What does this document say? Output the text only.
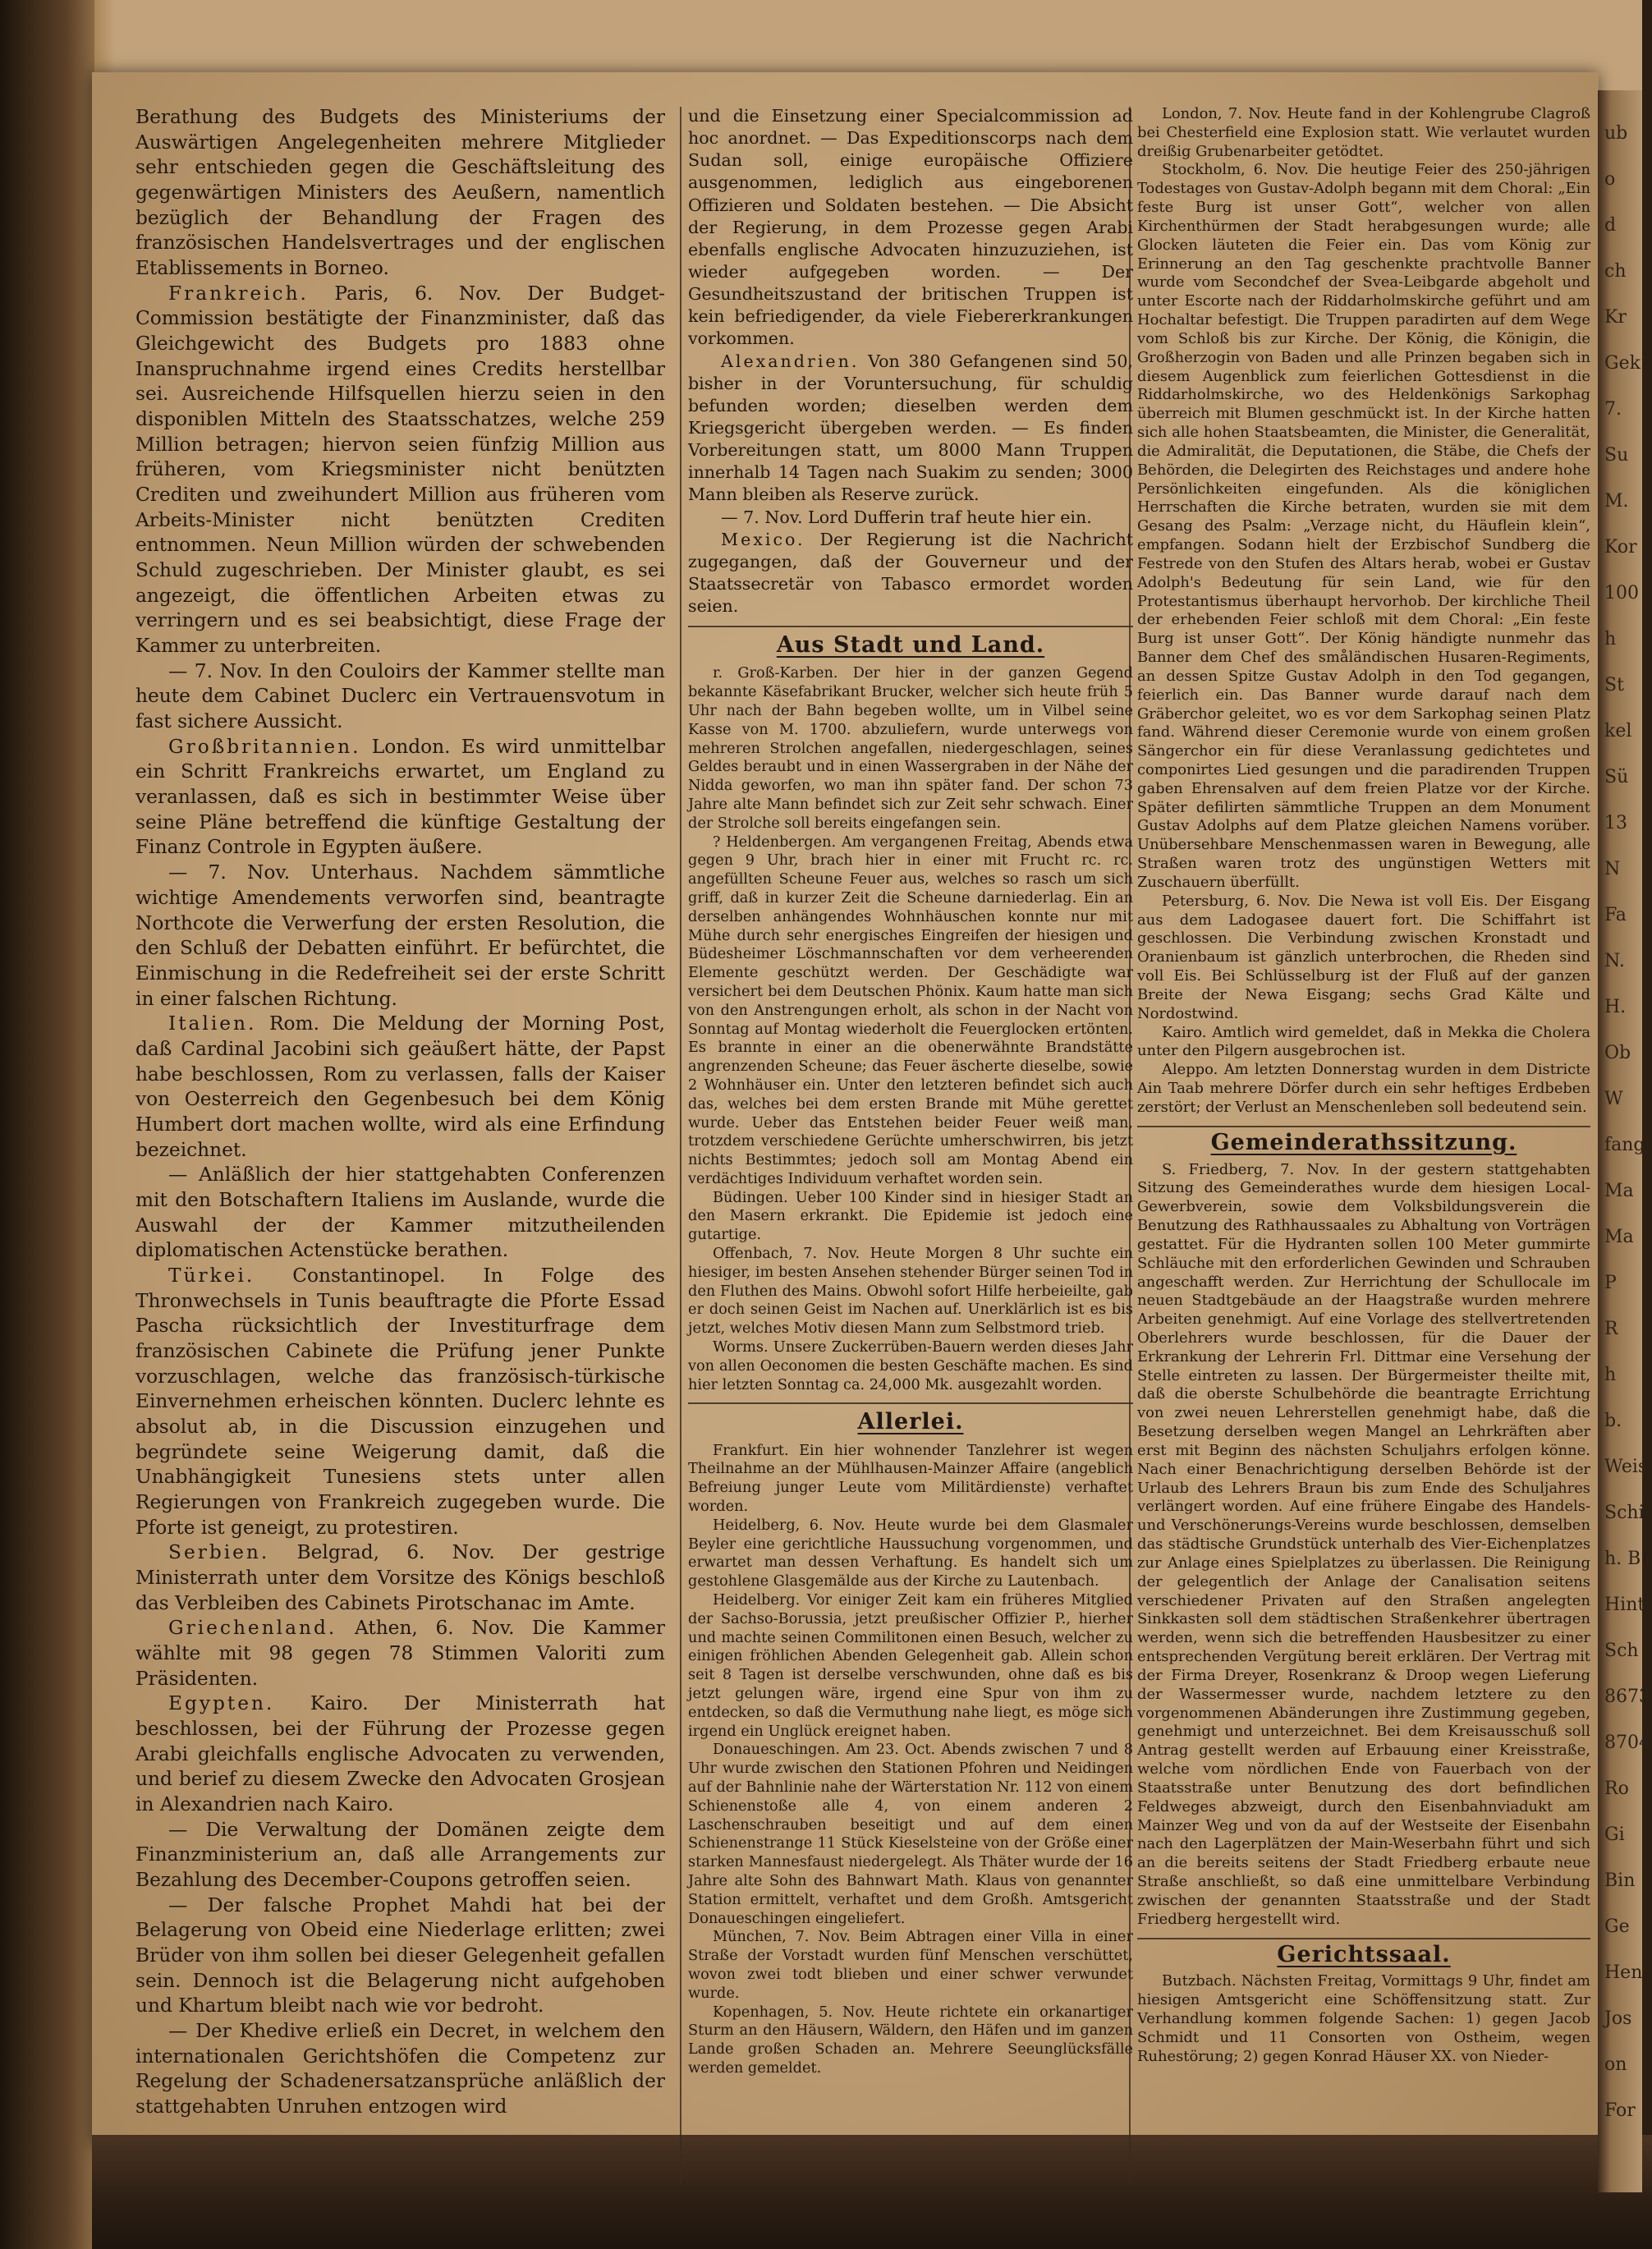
ub
o
d
ch
Kr
Gek
7.
Su
M.
Kor
100
h
St
kel
Sü
13
N
Fa
N.
H.
Ob
W
fang
Ma
Ma
P
R
h
b.
Weis
Schi
h. B
Hint
Sch
8673
8704
Ro
Gi
Bin
Ge
Hen
Jos
on
For

Berathung des Budgets des Ministeriums der Auswärtigen Angelegenheiten mehrere Mitglieder sehr entschieden gegen die Geschäftsleitung des gegenwärtigen Ministers des Aeußern, namentlich bezüglich der Behandlung der Fragen des französischen Handelsvertrages und der englischen Etablissements in Borneo.

Frankreich. Paris, 6. Nov. Der Budget-Commission bestätigte der Finanzminister, daß das Gleichgewicht des Budgets pro 1883 ohne Inanspruchnahme irgend eines Credits herstellbar sei. Ausreichende Hilfsquellen hierzu seien in den disponiblen Mitteln des Staatsschatzes, welche 259 Million betragen; hiervon seien fünfzig Million aus früheren, vom Kriegsminister nicht benützten Crediten und zweihundert Million aus früheren vom Arbeits-Minister nicht benützten Crediten entnommen. Neun Million würden der schwebenden Schuld zugeschrieben. Der Minister glaubt, es sei angezeigt, die öffentlichen Arbeiten etwas zu verringern und es sei beabsichtigt, diese Frage der Kammer zu unterbreiten.

— 7. Nov. In den Couloirs der Kammer stellte man heute dem Cabinet Duclerc ein Vertrauensvotum in fast sichere Aussicht.

Großbritannien. London. Es wird unmittelbar ein Schritt Frankreichs erwartet, um England zu veranlassen, daß es sich in bestimmter Weise über seine Pläne betreffend die künftige Gestaltung der Finanz Controle in Egypten äußere.

— 7. Nov. Unterhaus. Nachdem sämmtliche wichtige Amendements verworfen sind, beantragte Northcote die Verwerfung der ersten Resolution, die den Schluß der Debatten einführt. Er befürchtet, die Einmischung in die Redefreiheit sei der erste Schritt in einer falschen Richtung.

Italien. Rom. Die Meldung der Morning Post, daß Cardinal Jacobini sich geäußert hätte, der Papst habe beschlossen, Rom zu verlassen, falls der Kaiser von Oesterreich den Gegenbesuch bei dem König Humbert dort machen wollte, wird als eine Erfindung bezeichnet.

— Anläßlich der hier stattgehabten Conferenzen mit den Botschaftern Italiens im Auslande, wurde die Auswahl der der Kammer mitzutheilenden diplomatischen Actenstücke berathen.

Türkei. Constantinopel. In Folge des Thronwechsels in Tunis beauftragte die Pforte Essad Pascha rücksichtlich der Investiturfrage dem französischen Cabinete die Prüfung jener Punkte vorzuschlagen, welche das französisch-türkische Einvernehmen erheischen könnten. Duclerc lehnte es absolut ab, in die Discussion einzugehen und begründete seine Weigerung damit, daß die Unabhängigkeit Tunesiens stets unter allen Regierungen von Frankreich zugegeben wurde. Die Pforte ist geneigt, zu protestiren.

Serbien. Belgrad, 6. Nov. Der gestrige Ministerrath unter dem Vorsitze des Königs beschloß das Verbleiben des Cabinets Pirotschanac im Amte.

Griechenland. Athen, 6. Nov. Die Kammer wählte mit 98 gegen 78 Stimmen Valoriti zum Präsidenten.

Egypten. Kairo. Der Ministerrath hat beschlossen, bei der Führung der Prozesse gegen Arabi gleichfalls englische Advocaten zu verwenden, und berief zu diesem Zwecke den Advocaten Grosjean in Alexandrien nach Kairo.

— Die Verwaltung der Domänen zeigte dem Finanzministerium an, daß alle Arrangements zur Bezahlung des December-Coupons getroffen seien.

— Der falsche Prophet Mahdi hat bei der Belagerung von Obeid eine Niederlage erlitten; zwei Brüder von ihm sollen bei dieser Gelegenheit gefallen sein. Dennoch ist die Belagerung nicht aufgehoben und Khartum bleibt nach wie vor bedroht.

— Der Khedive erließ ein Decret, in welchem den internationalen Gerichtshöfen die Competenz zur Regelung der Schadenersatzansprüche anläßlich der stattgehabten Unruhen entzogen wird

und die Einsetzung einer Specialcommission ad hoc anordnet. — Das Expeditionscorps nach dem Sudan soll, einige europäische Offiziere ausgenommen, lediglich aus eingeborenen Offizieren und Soldaten bestehen. — Die Absicht der Regierung, in dem Prozesse gegen Arabi ebenfalls englische Advocaten hinzuzuziehen, ist wieder aufgegeben worden. — Der Gesundheitszustand der britischen Truppen ist kein befriedigender, da viele Fiebererkrankungen vorkommen.

Alexandrien. Von 380 Gefangenen sind 50, bisher in der Voruntersuchung, für schuldig befunden worden; dieselben werden dem Kriegsgericht übergeben werden. — Es finden Vorbereitungen statt, um 8000 Mann Truppen innerhalb 14 Tagen nach Suakim zu senden; 3000 Mann bleiben als Reserve zurück.

— 7. Nov. Lord Dufferin traf heute hier ein.

Mexico. Der Regierung ist die Nachricht zugegangen, daß der Gouverneur und der Staatssecretär von Tabasco ermordet worden seien.

Aus Stadt und Land.

r. Groß-Karben. Der hier in der ganzen Gegend bekannte Käsefabrikant Brucker, welcher sich heute früh 5 Uhr nach der Bahn begeben wollte, um in Vilbel seine Kasse von M. 1700. abzuliefern, wurde unterwegs von mehreren Strolchen angefallen, niedergeschlagen, seines Geldes beraubt und in einen Wassergraben in der Nähe der Nidda geworfen, wo man ihn später fand. Der schon 73 Jahre alte Mann befindet sich zur Zeit sehr schwach. Einer der Strolche soll bereits eingefangen sein.

? Heldenbergen. Am vergangenen Freitag, Abends etwa gegen 9 Uhr, brach hier in einer mit Frucht rc. rc. angefüllten Scheune Feuer aus, welches so rasch um sich griff, daß in kurzer Zeit die Scheune darniederlag. Ein an derselben anhängendes Wohnhäuschen konnte nur mit Mühe durch sehr energisches Eingreifen der hiesigen und Büdesheimer Löschmannschaften vor dem verheerenden Elemente geschützt werden. Der Geschädigte war versichert bei dem Deutschen Phönix. Kaum hatte man sich von den Anstrengungen erholt, als schon in der Nacht von Sonntag auf Montag wiederholt die Feuerglocken ertönten. Es brannte in einer an die obenerwähnte Brandstätte angrenzenden Scheune; das Feuer äscherte dieselbe, sowie 2 Wohnhäuser ein. Unter den letzteren befindet sich auch das, welches bei dem ersten Brande mit Mühe gerettet wurde. Ueber das Entstehen beider Feuer weiß man, trotzdem verschiedene Gerüchte umherschwirren, bis jetzt nichts Bestimmtes; jedoch soll am Montag Abend ein verdächtiges Individuum verhaftet worden sein.

Büdingen. Ueber 100 Kinder sind in hiesiger Stadt an den Masern erkrankt. Die Epidemie ist jedoch eine gutartige.

Offenbach, 7. Nov. Heute Morgen 8 Uhr suchte ein hiesiger, im besten Ansehen stehender Bürger seinen Tod in den Fluthen des Mains. Obwohl sofort Hilfe herbeieilte, gab er doch seinen Geist im Nachen auf. Unerklärlich ist es bis jetzt, welches Motiv diesen Mann zum Selbstmord trieb.

Worms. Unsere Zuckerrüben-Bauern werden dieses Jahr von allen Oeconomen die besten Geschäfte machen. Es sind hier letzten Sonntag ca. 24,000 Mk. ausgezahlt worden.

Allerlei.

Frankfurt. Ein hier wohnender Tanzlehrer ist wegen Theilnahme an der Mühlhausen-Mainzer Affaire (angeblich Befreiung junger Leute vom Militärdienste) verhaftet worden.

Heidelberg, 6. Nov. Heute wurde bei dem Glasmaler Beyler eine gerichtliche Haussuchung vorgenommen, und erwartet man dessen Verhaftung. Es handelt sich um gestohlene Glasgemälde aus der Kirche zu Lautenbach.

Heidelberg. Vor einiger Zeit kam ein früheres Mitglied der Sachso-Borussia, jetzt preußischer Offizier P., hierher und machte seinen Commilitonen einen Besuch, welcher zu einigen fröhlichen Abenden Gelegenheit gab. Allein schon seit 8 Tagen ist derselbe verschwunden, ohne daß es bis jetzt gelungen wäre, irgend eine Spur von ihm zu entdecken, so daß die Vermuthung nahe liegt, es möge sich irgend ein Unglück ereignet haben.

Donaueschingen. Am 23. Oct. Abends zwischen 7 und 8 Uhr wurde zwischen den Stationen Pfohren und Neidingen auf der Bahnlinie nahe der Wärterstation Nr. 112 von einem Schienenstoße alle 4, von einem anderen 2 Laschenschrauben beseitigt und auf dem einen Schienenstrange 11 Stück Kieselsteine von der Größe einer starken Mannesfaust niedergelegt. Als Thäter wurde der 16 Jahre alte Sohn des Bahnwart Math. Klaus von genannter Station ermittelt, verhaftet und dem Großh. Amtsgericht Donaueschingen eingeliefert.

München, 7. Nov. Beim Abtragen einer Villa in einer Straße der Vorstadt wurden fünf Menschen verschüttet, wovon zwei todt blieben und einer schwer verwundet wurde.

Kopenhagen, 5. Nov. Heute richtete ein orkanartiger Sturm an den Häusern, Wäldern, den Häfen und im ganzen Lande großen Schaden an. Mehrere Seeunglücksfälle werden gemeldet.

London, 7. Nov. Heute fand in der Kohlengrube Clagroß bei Chesterfield eine Explosion statt. Wie verlautet wurden dreißig Grubenarbeiter getödtet.

Stockholm, 6. Nov. Die heutige Feier des 250-jährigen Todestages von Gustav-Adolph begann mit dem Choral: „Ein feste Burg ist unser Gott“, welcher von allen Kirchenthürmen der Stadt herabgesungen wurde; alle Glocken läuteten die Feier ein. Das vom König zur Erinnerung an den Tag geschenkte prachtvolle Banner wurde vom Secondchef der Svea-Leibgarde abgeholt und unter Escorte nach der Riddarholmskirche geführt und am Hochaltar befestigt. Die Truppen paradirten auf dem Wege vom Schloß bis zur Kirche. Der König, die Königin, die Großherzogin von Baden und alle Prinzen begaben sich in diesem Augenblick zum feierlichen Gottesdienst in die Riddarholmskirche, wo des Heldenkönigs Sarkophag überreich mit Blumen geschmückt ist. In der Kirche hatten sich alle hohen Staatsbeamten, die Minister, die Generalität, die Admiralität, die Deputationen, die Stäbe, die Chefs der Behörden, die Delegirten des Reichstages und andere hohe Persönlichkeiten eingefunden. Als die königlichen Herrschaften die Kirche betraten, wurden sie mit dem Gesang des Psalm: „Verzage nicht, du Häuflein klein“, empfangen. Sodann hielt der Erzbischof Sundberg die Festrede von den Stufen des Altars herab, wobei er Gustav Adolph's Bedeutung für sein Land, wie für den Protestantismus überhaupt hervorhob. Der kirchliche Theil der erhebenden Feier schloß mit dem Choral: „Ein feste Burg ist unser Gott“. Der König händigte nunmehr das Banner dem Chef des småländischen Husaren-Regiments, an dessen Spitze Gustav Adolph in den Tod gegangen, feierlich ein. Das Banner wurde darauf nach dem Gräberchor geleitet, wo es vor dem Sarkophag seinen Platz fand. Während dieser Ceremonie wurde von einem großen Sängerchor ein für diese Veranlassung gedichtetes und componirtes Lied gesungen und die paradirenden Truppen gaben Ehrensalven auf dem freien Platze vor der Kirche. Später defilirten sämmtliche Truppen an dem Monument Gustav Adolphs auf dem Platze gleichen Namens vorüber. Unübersehbare Menschenmassen waren in Bewegung, alle Straßen waren trotz des ungünstigen Wetters mit Zuschauern überfüllt.

Petersburg, 6. Nov. Die Newa ist voll Eis. Der Eisgang aus dem Ladogasee dauert fort. Die Schiffahrt ist geschlossen. Die Verbindung zwischen Kronstadt und Oranienbaum ist gänzlich unterbrochen, die Rheden sind voll Eis. Bei Schlüsselburg ist der Fluß auf der ganzen Breite der Newa Eisgang; sechs Grad Kälte und Nordostwind.

Kairo. Amtlich wird gemeldet, daß in Mekka die Cholera unter den Pilgern ausgebrochen ist.

Aleppo. Am letzten Donnerstag wurden in dem Districte Ain Taab mehrere Dörfer durch ein sehr heftiges Erdbeben zerstört; der Verlust an Menschenleben soll bedeutend sein.

Gemeinderathssitzung.

S. Friedberg, 7. Nov. In der gestern stattgehabten Sitzung des Gemeinderathes wurde dem hiesigen Local-Gewerbverein, sowie dem Volksbildungsverein die Benutzung des Rathhaussaales zu Abhaltung von Vorträgen gestattet. Für die Hydranten sollen 100 Meter gummirte Schläuche mit den erforderlichen Gewinden und Schrauben angeschafft werden. Zur Herrichtung der Schullocale im neuen Stadtgebäude an der Haagstraße wurden mehrere Arbeiten genehmigt. Auf eine Vorlage des stellvertretenden Oberlehrers wurde beschlossen, für die Dauer der Erkrankung der Lehrerin Frl. Dittmar eine Versehung der Stelle eintreten zu lassen. Der Bürgermeister theilte mit, daß die oberste Schulbehörde die beantragte Errichtung von zwei neuen Lehrerstellen genehmigt habe, daß die Besetzung derselben wegen Mangel an Lehrkräften aber erst mit Beginn des nächsten Schuljahrs erfolgen könne. Nach einer Benachrichtigung derselben Behörde ist der Urlaub des Lehrers Braun bis zum Ende des Schuljahres verlängert worden. Auf eine frühere Eingabe des Handels- und Verschönerungs-Vereins wurde beschlossen, demselben das städtische Grundstück unterhalb des Vier-Eichenplatzes zur Anlage eines Spielplatzes zu überlassen. Die Reinigung der gelegentlich der Anlage der Canalisation seitens verschiedener Privaten auf den Straßen angelegten Sinkkasten soll dem städtischen Straßenkehrer übertragen werden, wenn sich die betreffenden Hausbesitzer zu einer entsprechenden Vergütung bereit erklären. Der Vertrag mit der Firma Dreyer, Rosenkranz & Droop wegen Lieferung der Wassermesser wurde, nachdem letztere zu den vorgenommenen Abänderungen ihre Zustimmung gegeben, genehmigt und unterzeichnet. Bei dem Kreisausschuß soll Antrag gestellt werden auf Erbauung einer Kreisstraße, welche vom nördlichen Ende von Fauerbach von der Staatsstraße unter Benutzung des dort befindlichen Feldweges abzweigt, durch den Eisenbahnviadukt am Mainzer Weg und von da auf der Westseite der Eisenbahn nach den Lagerplätzen der Main-Weserbahn führt und sich an die bereits seitens der Stadt Friedberg erbaute neue Straße anschließt, so daß eine unmittelbare Verbindung zwischen der genannten Staatsstraße und der Stadt Friedberg hergestellt wird.

Gerichtssaal.

Butzbach. Nächsten Freitag, Vormittags 9 Uhr, findet am hiesigen Amtsgericht eine Schöffensitzung statt. Zur Verhandlung kommen folgende Sachen: 1) gegen Jacob Schmidt und 11 Consorten von Ostheim, wegen Ruhestörung; 2) gegen Konrad Häuser XX. von Nieder-
